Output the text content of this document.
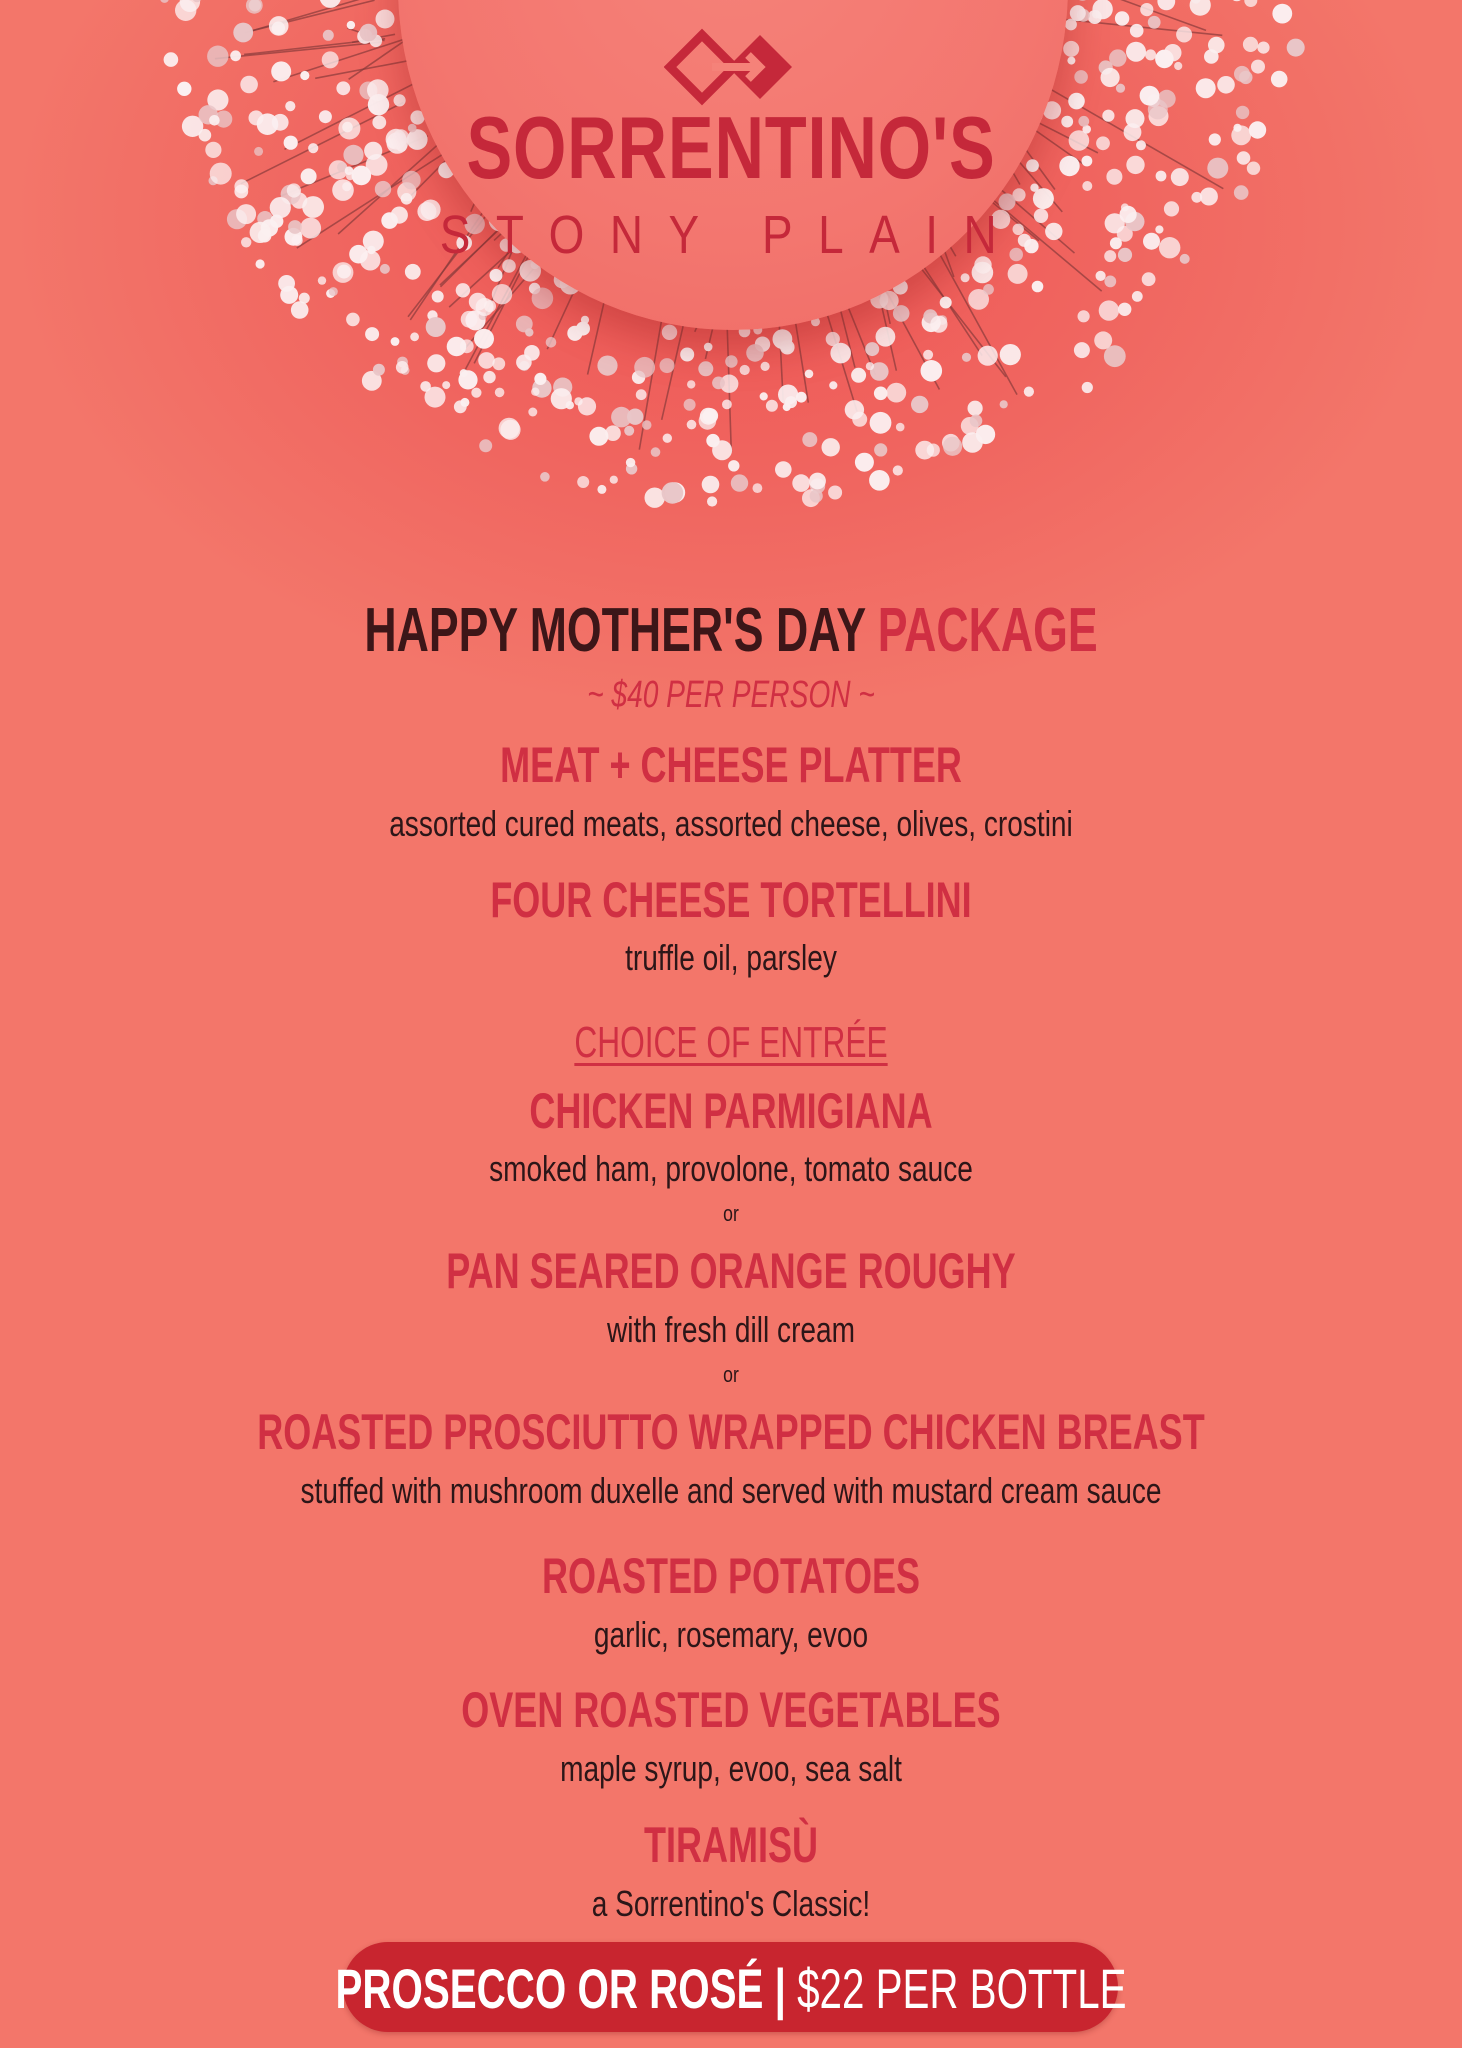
SORRENTINO'S
STONY PLAIN
HAPPY MOTHER'S DAY PACKAGE
~ $40 PER PERSON ~
MEAT + CHEESE PLATTER
assorted cured meats, assorted cheese, olives, crostini
FOUR CHEESE TORTELLINI
truffle oil, parsley
CHOICE OF ENTRÉE
CHICKEN PARMIGIANA
smoked ham, provolone, tomato sauce
or
PAN SEARED ORANGE ROUGHY
with fresh dill cream
or
ROASTED PROSCIUTTO WRAPPED CHICKEN BREAST
stuffed with mushroom duxelle and served with mustard cream sauce
ROASTED POTATOES
garlic, rosemary, evoo
OVEN ROASTED VEGETABLES
maple syrup, evoo, sea salt
TIRAMISÙ
a Sorrentino's Classic!
PROSECCO OR ROSÉ | $22 PER BOTTLE
